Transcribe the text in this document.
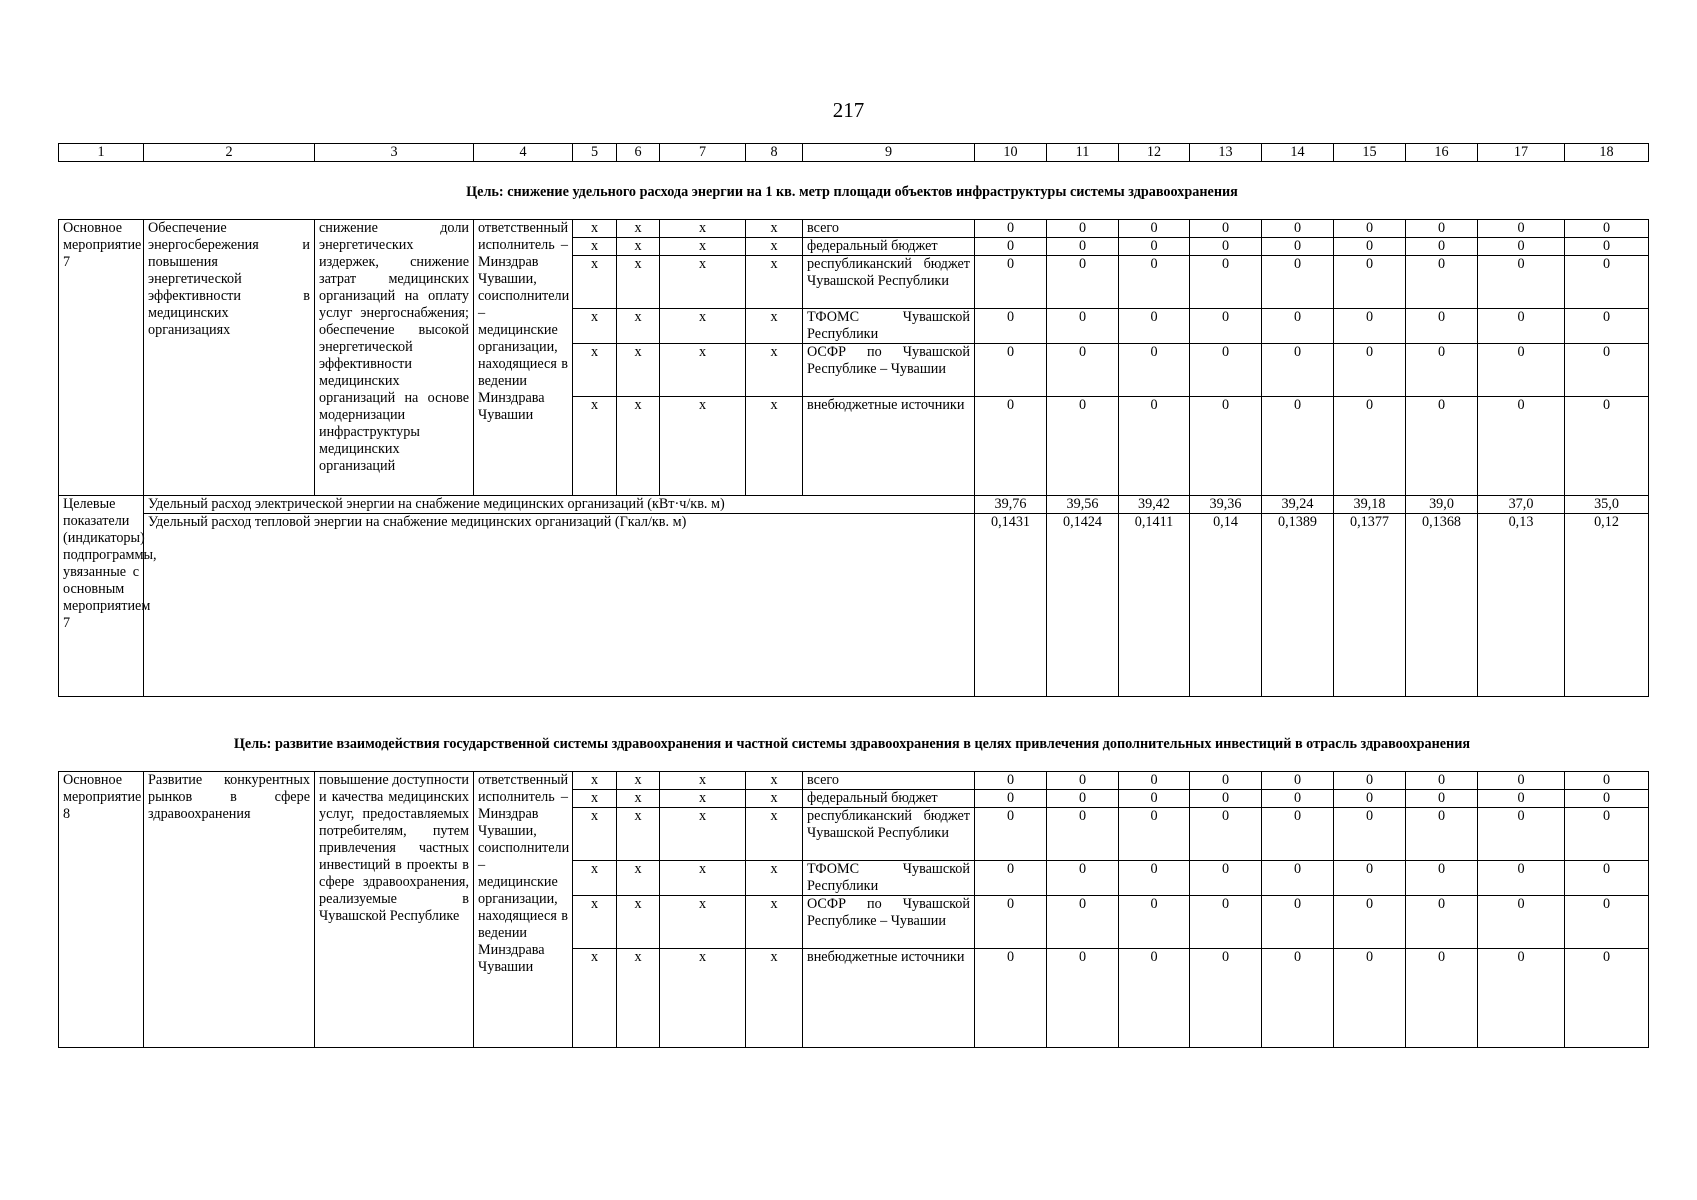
217
1	2	3	4	5	6	7	8	9	10	11	12	13	14	15	16	17	18
Цель: снижение удельного расхода энергии на 1 кв. метр площади объектов инфраструктуры системы здравоохранения
Основное мероприятие 7	Обеспечение энергосбережения и повышения энергетической эффективности в медицинских организациях	снижение доли энергетических издержек, снижение затрат медицинских организаций на оплату услуг энергоснабжения; обеспечение высокой энергетической эффективности медицинских организаций на основе модернизации инфраструктуры медицинских организаций	ответственный исполнитель – Минздрав Чувашии, соисполнители – медицинские организации, находящиеся в ведении Минздрава Чувашии	х	х	х	х	всего	0	0	0	0	0	0	0	0	0
				х	х	х	х	федеральный бюджет	0	0	0	0	0	0	0	0	0
				х	х	х	х	республиканский бюджет Чувашской Республики	0	0	0	0	0	0	0	0	0
				х	х	х	х	ТФОМС Чувашской Республики	0	0	0	0	0	0	0	0	0
				х	х	х	х	ОСФР по Чувашской Республике – Чувашии	0	0	0	0	0	0	0	0	0
				х	х	х	х	внебюджетные источники	0	0	0	0	0	0	0	0	0
Целевые показатели (индикаторы) подпрограммы, увязанные с основным мероприятием 7	Удельный расход электрической энергии на снабжение медицинских организаций (кВт·ч/кв. м)								39,76	39,56	39,42	39,36	39,24	39,18	39,0	37,0	35,0
	Удельный расход тепловой энергии на снабжение медицинских организаций (Гкал/кв. м)								0,1431	0,1424	0,1411	0,14	0,1389	0,1377	0,1368	0,13	0,12
Цель: развитие взаимодействия государственной системы здравоохранения и частной системы здравоохранения в целях привлечения дополнительных инвестиций в отрасль здравоохранения
Основное мероприятие 8	Развитие конкурентных рынков в сфере здравоохранения	повышение доступности и качества медицинских услуг, предоставляемых потребителям, путем привлечения частных инвестиций в проекты в сфере здравоохранения, реализуемые в Чувашской Республике	ответственный исполнитель – Минздрав Чувашии, соисполнители – медицинские организации, находящиеся в ведении Минздрава Чувашии	х	х	х	х	всего	0	0	0	0	0	0	0	0	0
				х	х	х	х	федеральный бюджет	0	0	0	0	0	0	0	0	0
				х	х	х	х	республиканский бюджет Чувашской Республики	0	0	0	0	0	0	0	0	0
				х	х	х	х	ТФОМС Чувашской Республики	0	0	0	0	0	0	0	0	0
				х	х	х	х	ОСФР по Чувашской Республике – Чувашии	0	0	0	0	0	0	0	0	0
				х	х	х	х	внебюджетные источники	0	0	0	0	0	0	0	0	0
